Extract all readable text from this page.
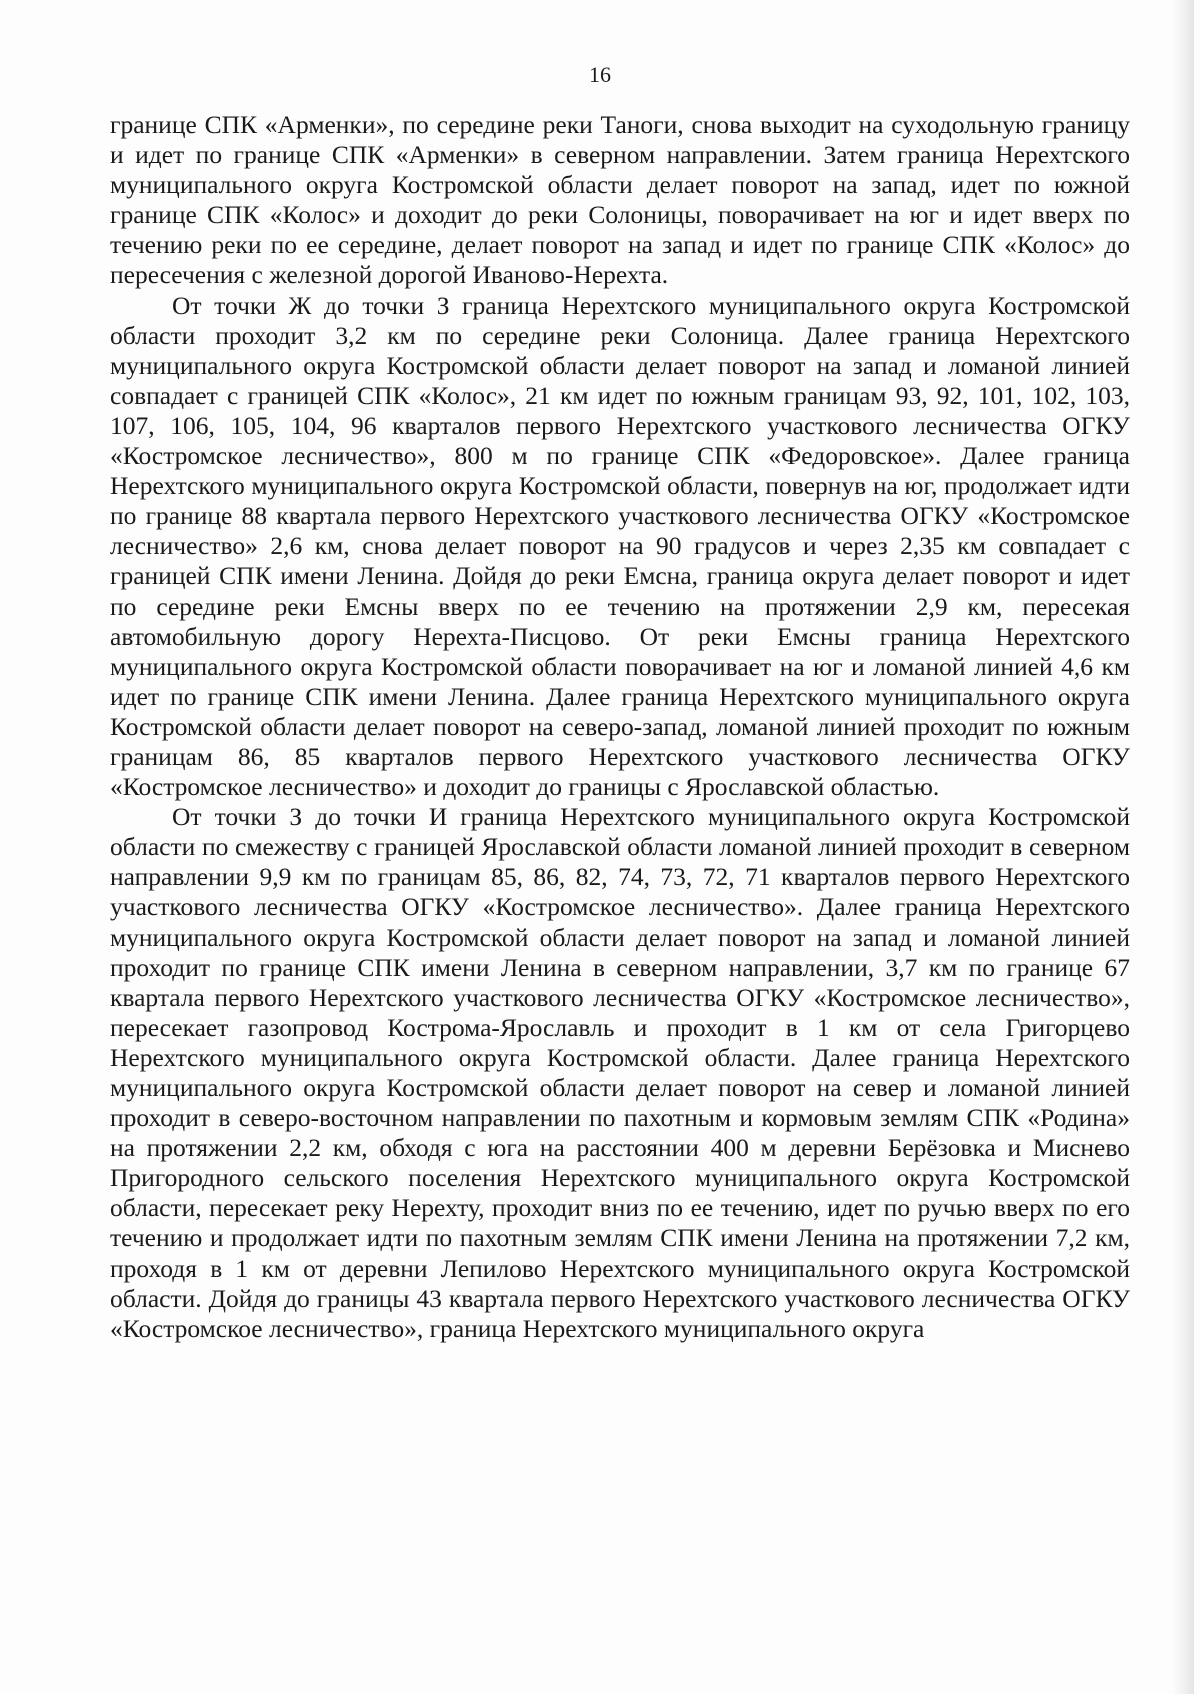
16

границе СПК «Арменки», по середине реки Таноги, снова выходит на суходольную границу и идет по границе СПК «Арменки» в северном направлении. Затем граница Нерехтского муниципального округа Костромской области делает поворот на запад, идет по южной границе СПК «Колос» и доходит до реки Солоницы, поворачивает на юг и идет вверх по течению реки по ее середине, делает поворот на запад и идет по границе СПК «Колос» до пересечения с железной дорогой Иваново-Нерехта.

От точки Ж до точки З граница Нерехтского муниципального округа Костромской области проходит 3,2 км по середине реки Солоница. Далее граница Нерехтского муниципального округа Костромской области делает поворот на запад и ломаной линией совпадает с границей СПК «Колос», 21 км идет по южным границам 93, 92, 101, 102, 103, 107, 106, 105, 104, 96 кварталов первого Нерехтского участкового лесничества ОГКУ «Костромское лесничество», 800 м по границе СПК «Федоровское». Далее граница Нерехтского муниципального округа Костромской области, повернув на юг, продолжает идти по границе 88 квартала первого Нерехтского участкового лесничества ОГКУ «Костромское лесничество» 2,6 км, снова делает поворот на 90 градусов и через 2,35 км совпадает с границей СПК имени Ленина. Дойдя до реки Емсна, граница округа делает поворот и идет по середине реки Емсны вверх по ее течению на протяжении 2,9 км, пересекая автомобильную дорогу Нерехта-Писцово. От реки Емсны граница Нерехтского муниципального округа Костромской области поворачивает на юг и ломаной линией 4,6 км идет по границе СПК имени Ленина. Далее граница Нерехтского муниципального округа Костромской области делает поворот на северо-запад, ломаной линией проходит по южным границам 86, 85 кварталов первого Нерехтского участкового лесничества ОГКУ «Костромское лесничество» и доходит до границы с Ярославской областью.

От точки З до точки И граница Нерехтского муниципального округа Костромской области по смежеству с границей Ярославской области ломаной линией проходит в северном направлении 9,9 км по границам 85, 86, 82, 74, 73, 72, 71 кварталов первого Нерехтского участкового лесничества ОГКУ «Костромское лесничество». Далее граница Нерехтского муниципального округа Костромской области делает поворот на запад и ломаной линией проходит по границе СПК имени Ленина в северном направлении, 3,7 км по границе 67 квартала первого Нерехтского участкового лесничества ОГКУ «Костромское лесничество», пересекает газопровод Кострома-Ярославль и проходит в 1 км от села Григорцево Нерехтского муниципального округа Костромской области. Далее граница Нерехтского муниципального округа Костромской области делает поворот на север и ломаной линией проходит в северо-восточном направлении по пахотным и кормовым землям СПК «Родина» на протяжении 2,2 км, обходя с юга на расстоянии 400 м деревни Берёзовка и Миснево Пригородного сельского поселения Нерехтского муниципального округа Костромской области, пересекает реку Нерехту, проходит вниз по ее течению, идет по ручью вверх по его течению и продолжает идти по пахотным землям СПК имени Ленина на протяжении 7,2 км, проходя в 1 км от деревни Лепилово Нерехтского муниципального округа Костромской области. Дойдя до границы 43 квартала первого Нерехтского участкового лесничества ОГКУ «Костромское лесничество», граница Нерехтского муниципального округа
